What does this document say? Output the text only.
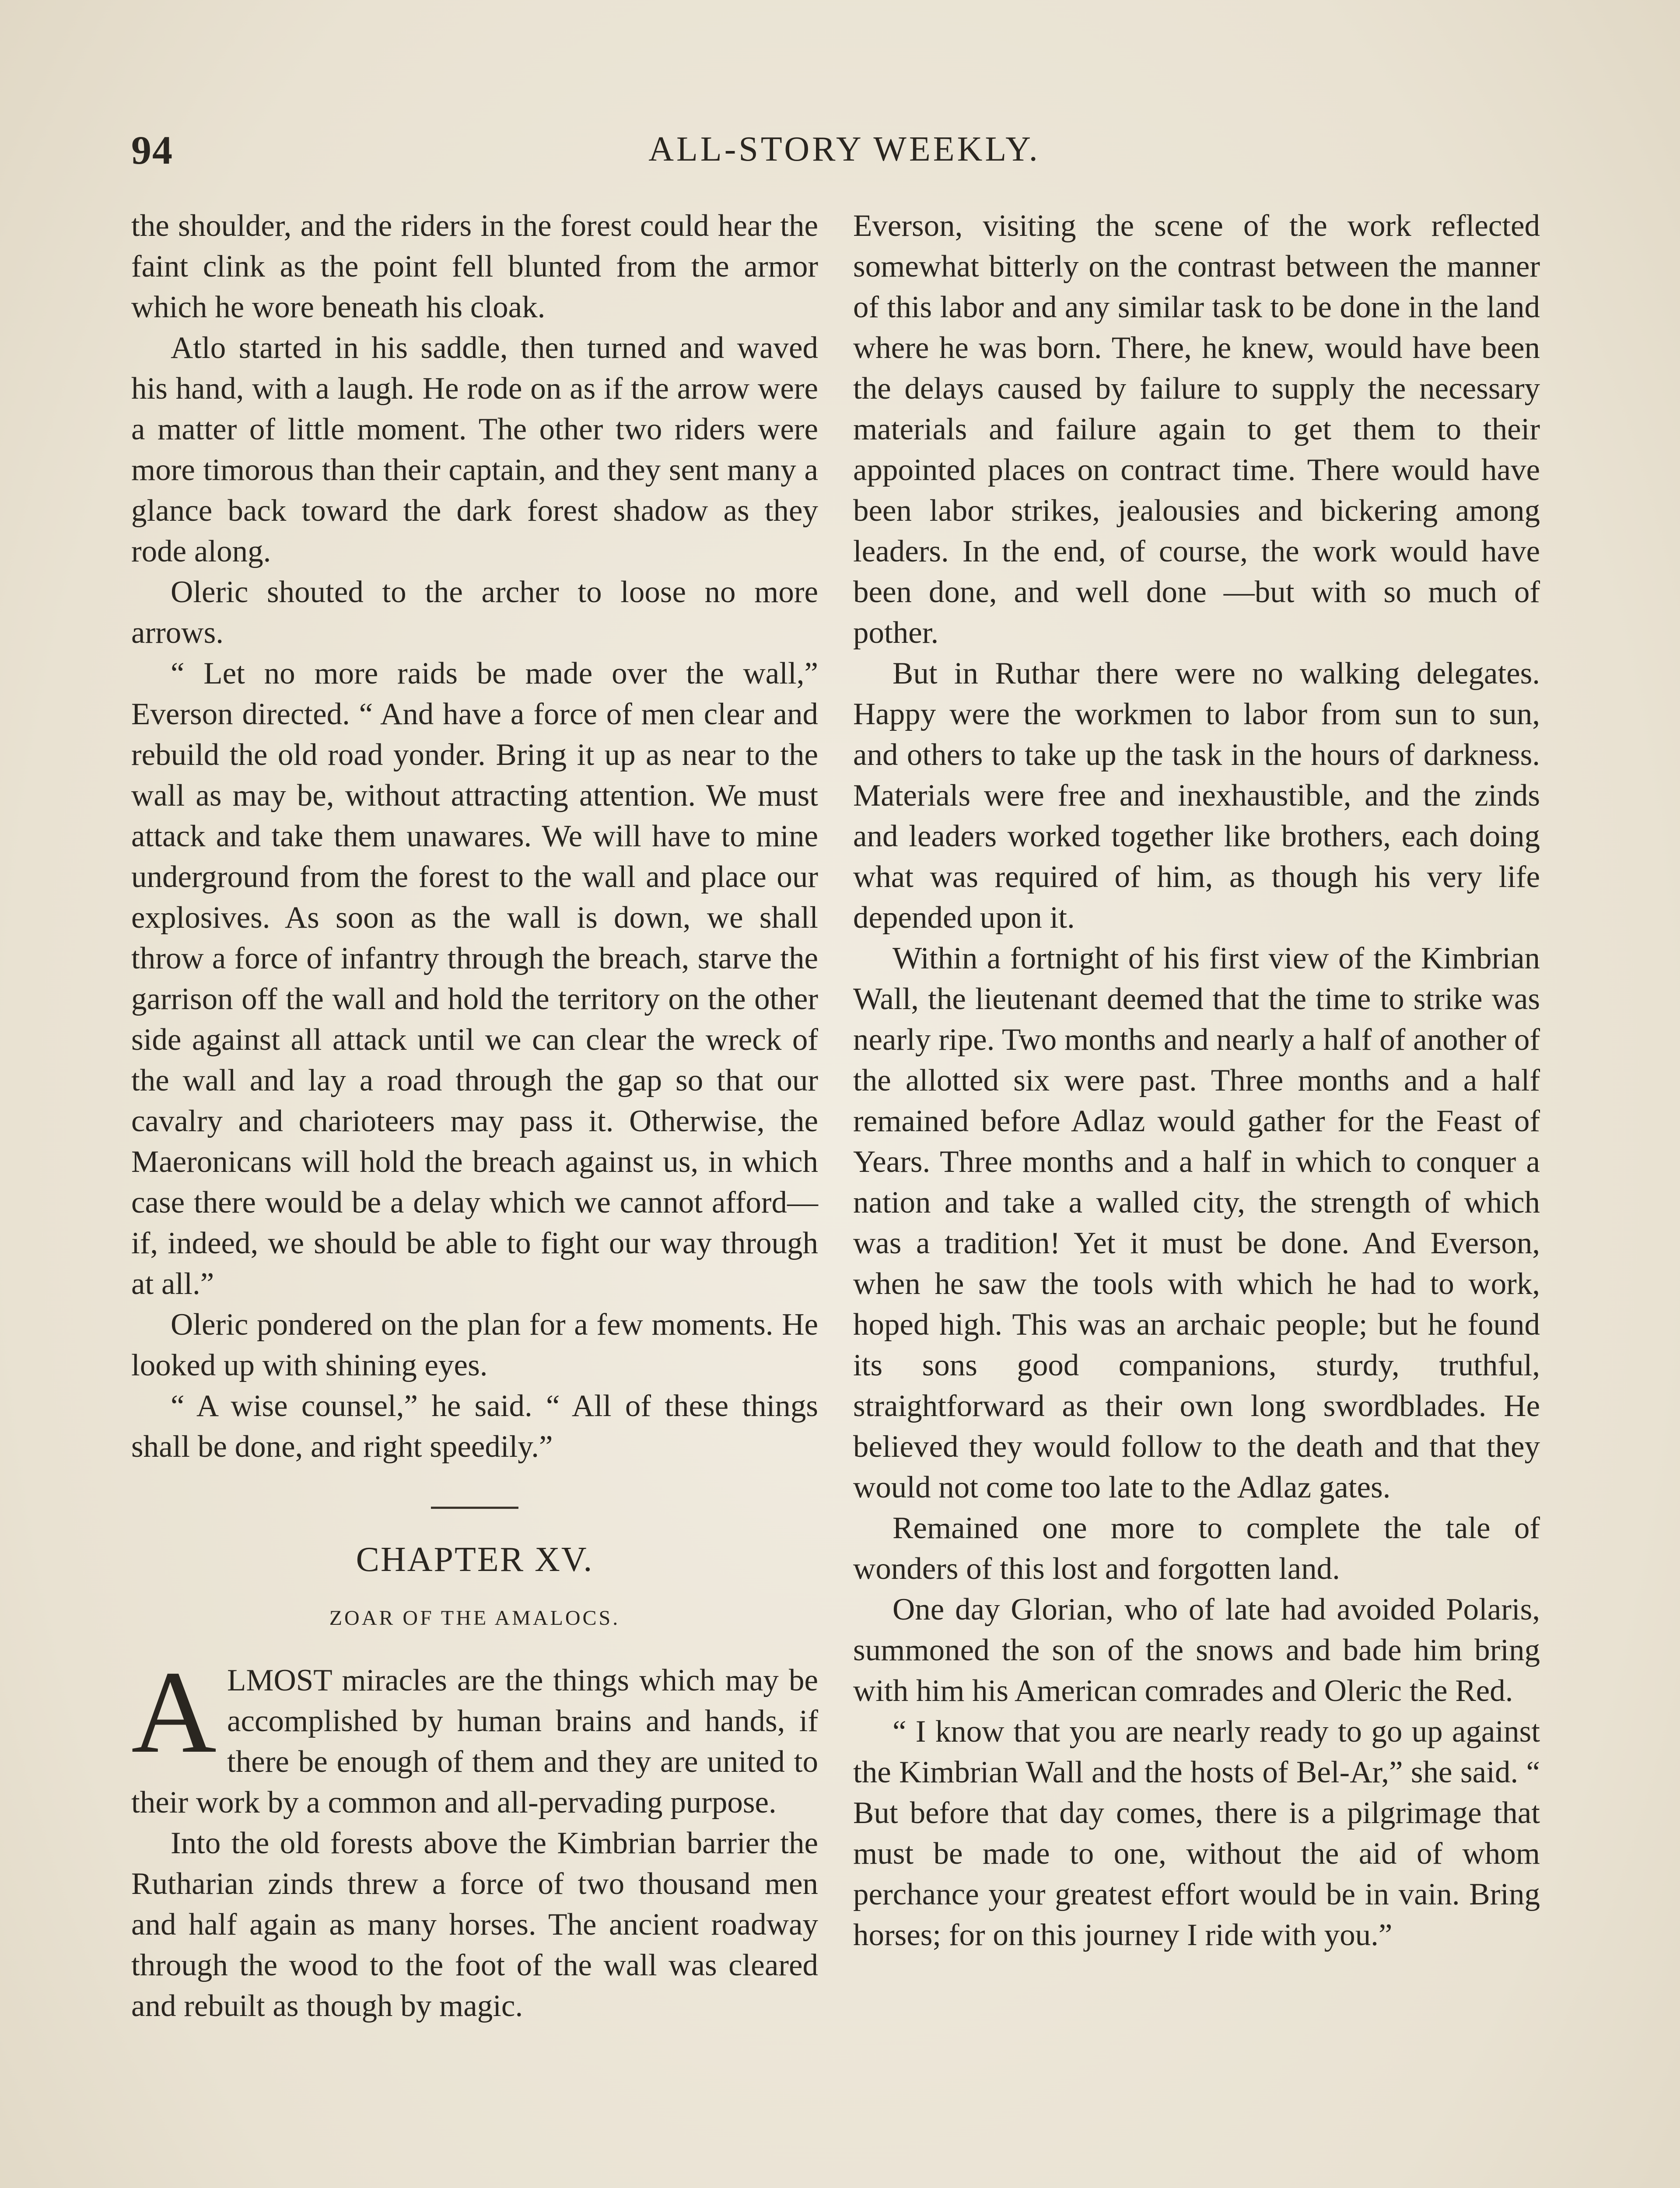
94	ALL-STORY WEEKLY.

the shoulder, and the riders in the forest could hear the faint clink as the point fell blunted from the armor which he wore beneath his cloak.

Atlo started in his saddle, then turned and waved his hand, with a laugh. He rode on as if the arrow were a matter of little moment. The other two riders were more timorous than their captain, and they sent many a glance back toward the dark forest shadow as they rode along.

Oleric shouted to the archer to loose no more arrows.

“ Let no more raids be made over the wall,” Everson directed. “ And have a force of men clear and rebuild the old road yonder. Bring it up as near to the wall as may be, without attracting attention. We must attack and take them unawares. We will have to mine underground from the forest to the wall and place our explosives. As soon as the wall is down, we shall throw a force of infantry through the breach, starve the garrison off the wall and hold the territory on the other side against all attack until we can clear the wreck of the wall and lay a road through the gap so that our cavalry and charioteers may pass it. Otherwise, the Maeronicans will hold the breach against us, in which case there would be a delay which we cannot afford—if, indeed, we should be able to fight our way through at all.”

Oleric pondered on the plan for a few moments. He looked up with shining eyes.

“ A wise counsel,” he said. “ All of these things shall be done, and right speedily.”

CHAPTER XV.
ZOAR OF THE AMALOCS.

ALMOST miracles are the things which may be accomplished by human brains and hands, if there be enough of them and they are united to their work by a common and all-pervading purpose.

Into the old forests above the Kimbrian barrier the Rutharian zinds threw a force of two thousand men and half again as many horses. The ancient roadway through the wood to the foot of the wall was cleared and rebuilt as though by magic.

Everson, visiting the scene of the work reflected somewhat bitterly on the contrast between the manner of this labor and any similar task to be done in the land where he was born. There, he knew, would have been the delays caused by failure to supply the necessary materials and failure again to get them to their appointed places on contract time. There would have been labor strikes, jealousies and bickering among leaders. In the end, of course, the work would have been done, and well done —but with so much of pother.

But in Ruthar there were no walking delegates. Happy were the workmen to labor from sun to sun, and others to take up the task in the hours of darkness. Materials were free and inexhaustible, and the zinds and leaders worked together like brothers, each doing what was required of him, as though his very life depended upon it.

Within a fortnight of his first view of the Kimbrian Wall, the lieutenant deemed that the time to strike was nearly ripe. Two months and nearly a half of another of the allotted six were past. Three months and a half remained before Adlaz would gather for the Feast of Years. Three months and a half in which to conquer a nation and take a walled city, the strength of which was a tradition! Yet it must be done. And Everson, when he saw the tools with which he had to work, hoped high. This was an archaic people; but he found its sons good companions, sturdy, truthful, straightforward as their own long swordblades. He believed they would follow to the death and that they would not come too late to the Adlaz gates.

Remained one more to complete the tale of wonders of this lost and forgotten land.

One day Glorian, who of late had avoided Polaris, summoned the son of the snows and bade him bring with him his American comrades and Oleric the Red.

“ I know that you are nearly ready to go up against the Kimbrian Wall and the hosts of Bel-Ar,” she said. “ But before that day comes, there is a pilgrimage that must be made to one, without the aid of whom perchance your greatest effort would be in vain. Bring horses; for on this journey I ride with you.”
